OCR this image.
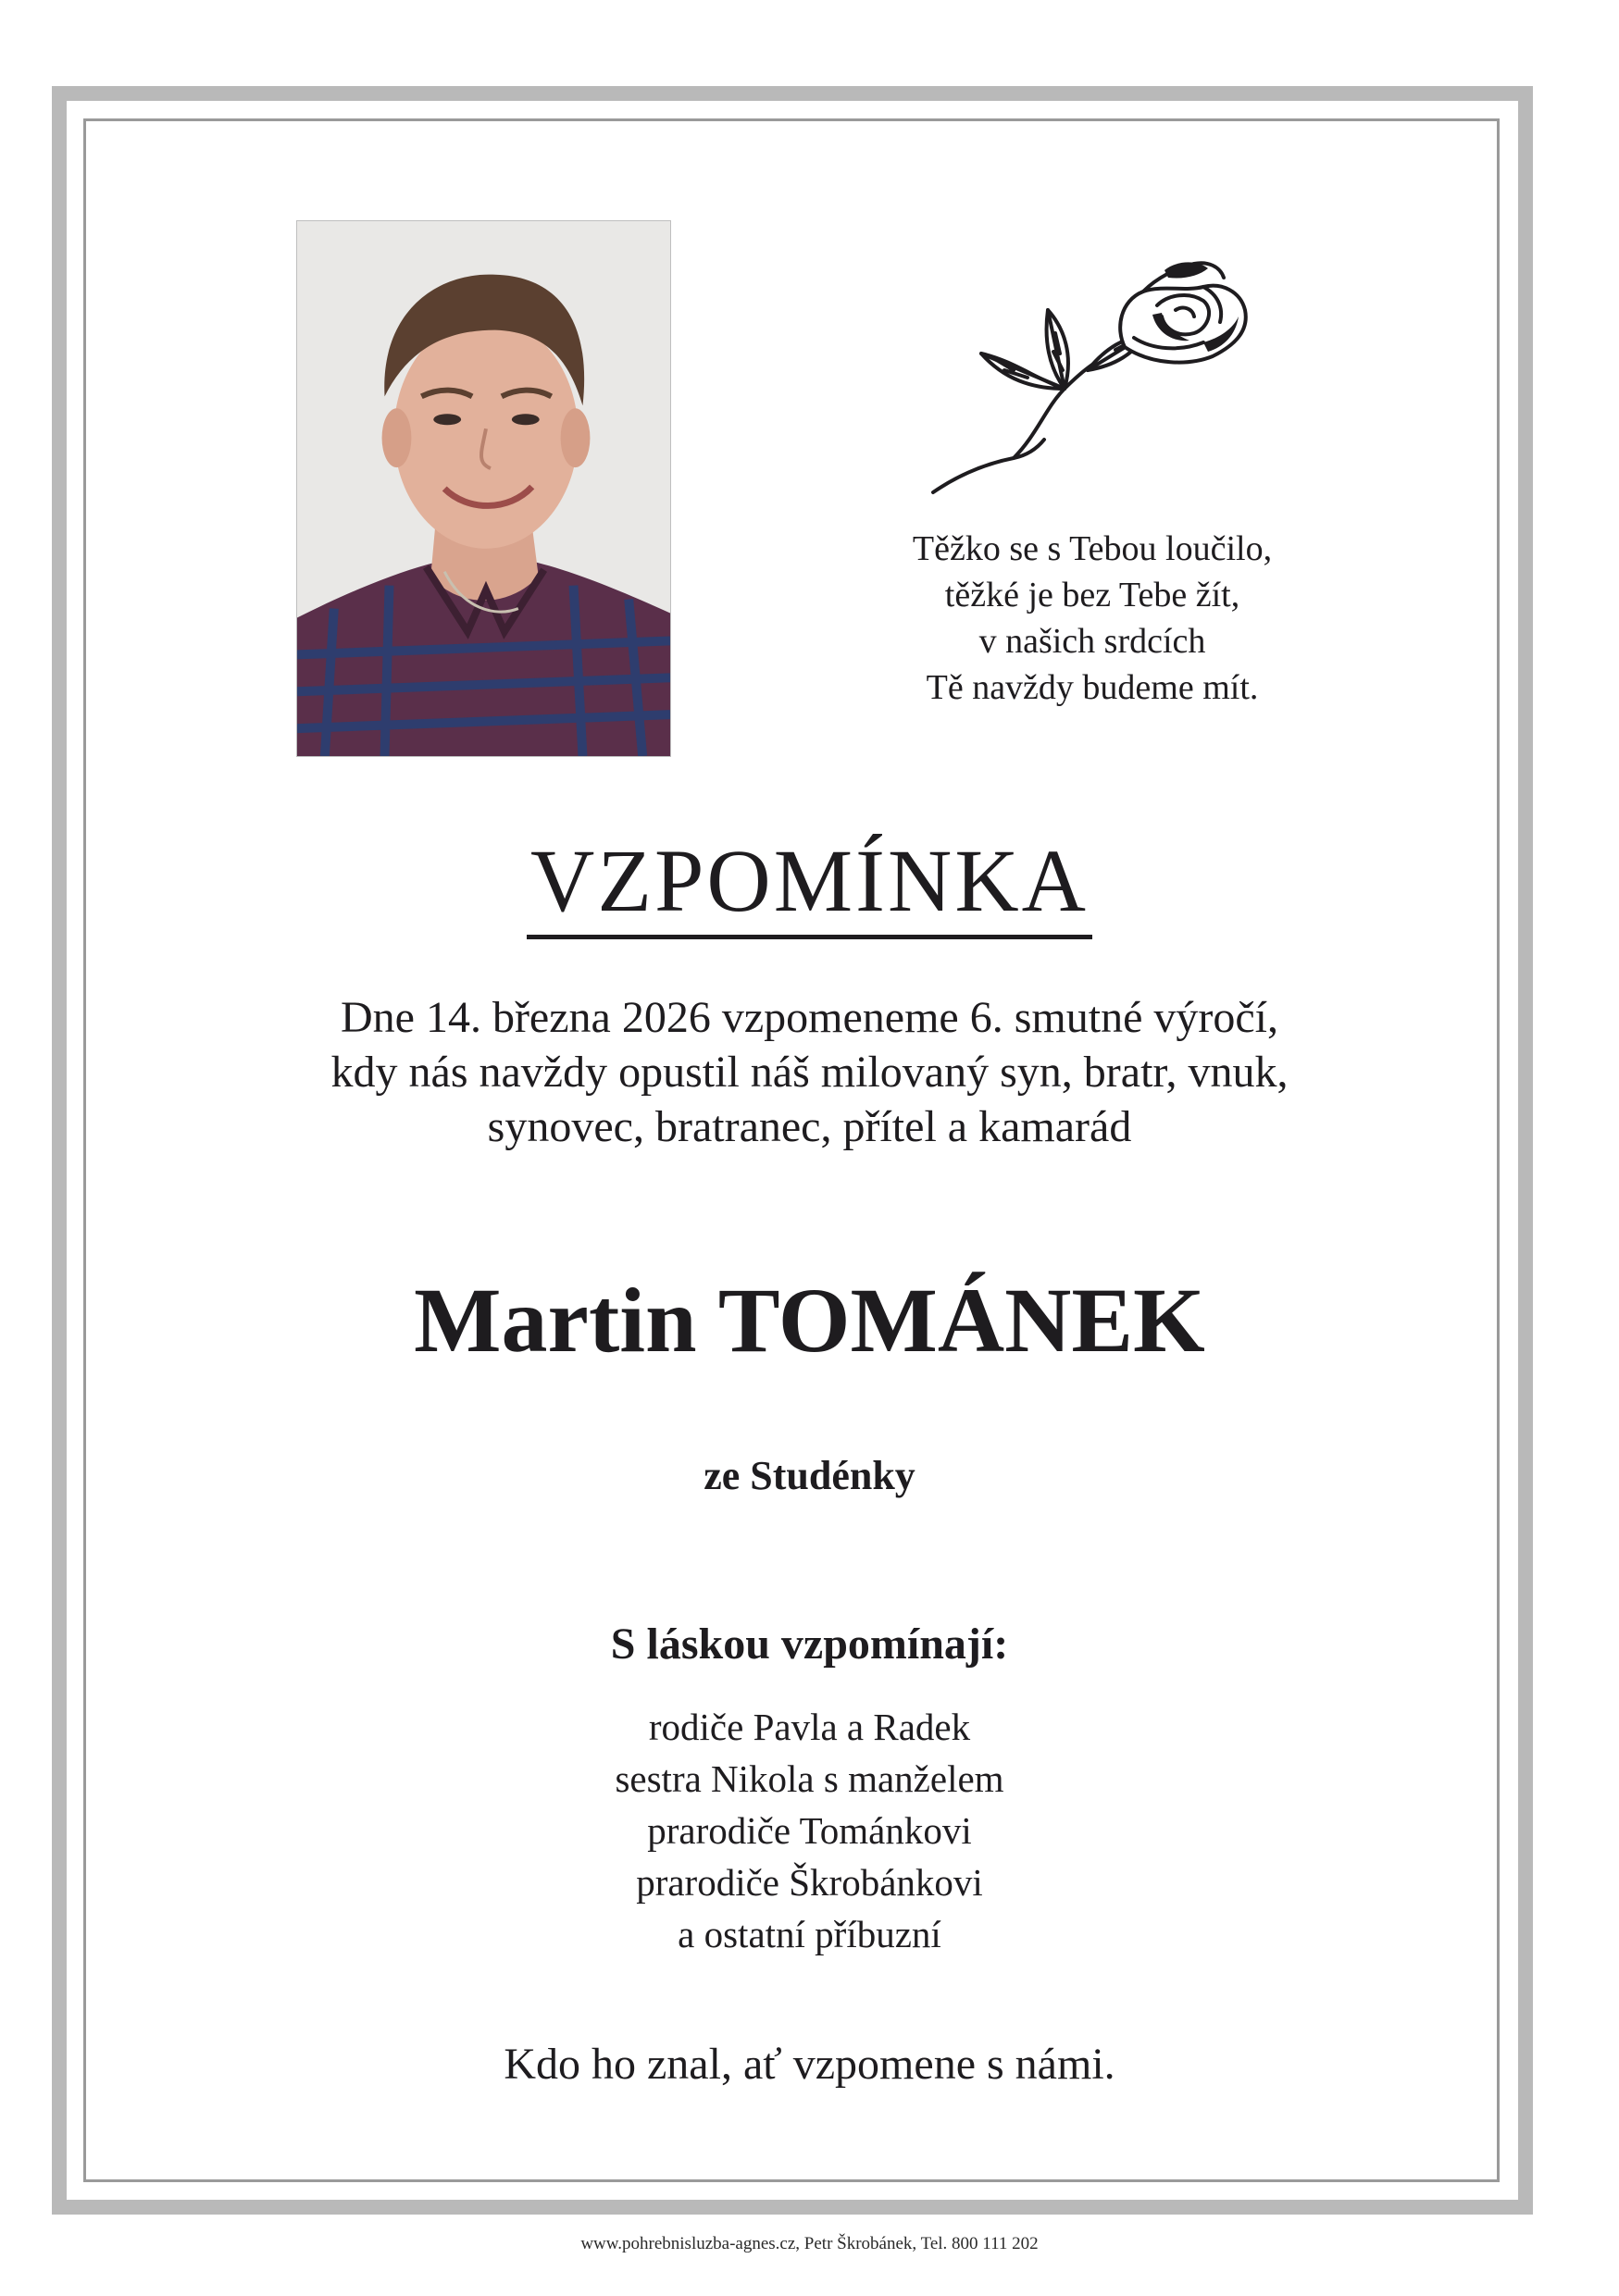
Těžko se s Tebou loučilo,
těžké je bez Tebe žít,
v našich srdcích
Tě navždy budeme mít.
VZPOMÍNKA
Dne 14. března 2026 vzpomeneme 6. smutné výročí,
kdy nás navždy opustil náš milovaný syn, bratr, vnuk,
synovec, bratranec, přítel a kamarád
Martin TOMÁNEK
ze Studénky
S láskou vzpomínají:
rodiče Pavla a Radek
sestra Nikola s manželem
prarodiče Tománkovi
prarodiče Škrobánkovi
a ostatní příbuzní
Kdo ho znal, ať vzpomene s námi.
www.pohrebnisluzba-agnes.cz, Petr Škrobánek, Tel. 800 111 202
